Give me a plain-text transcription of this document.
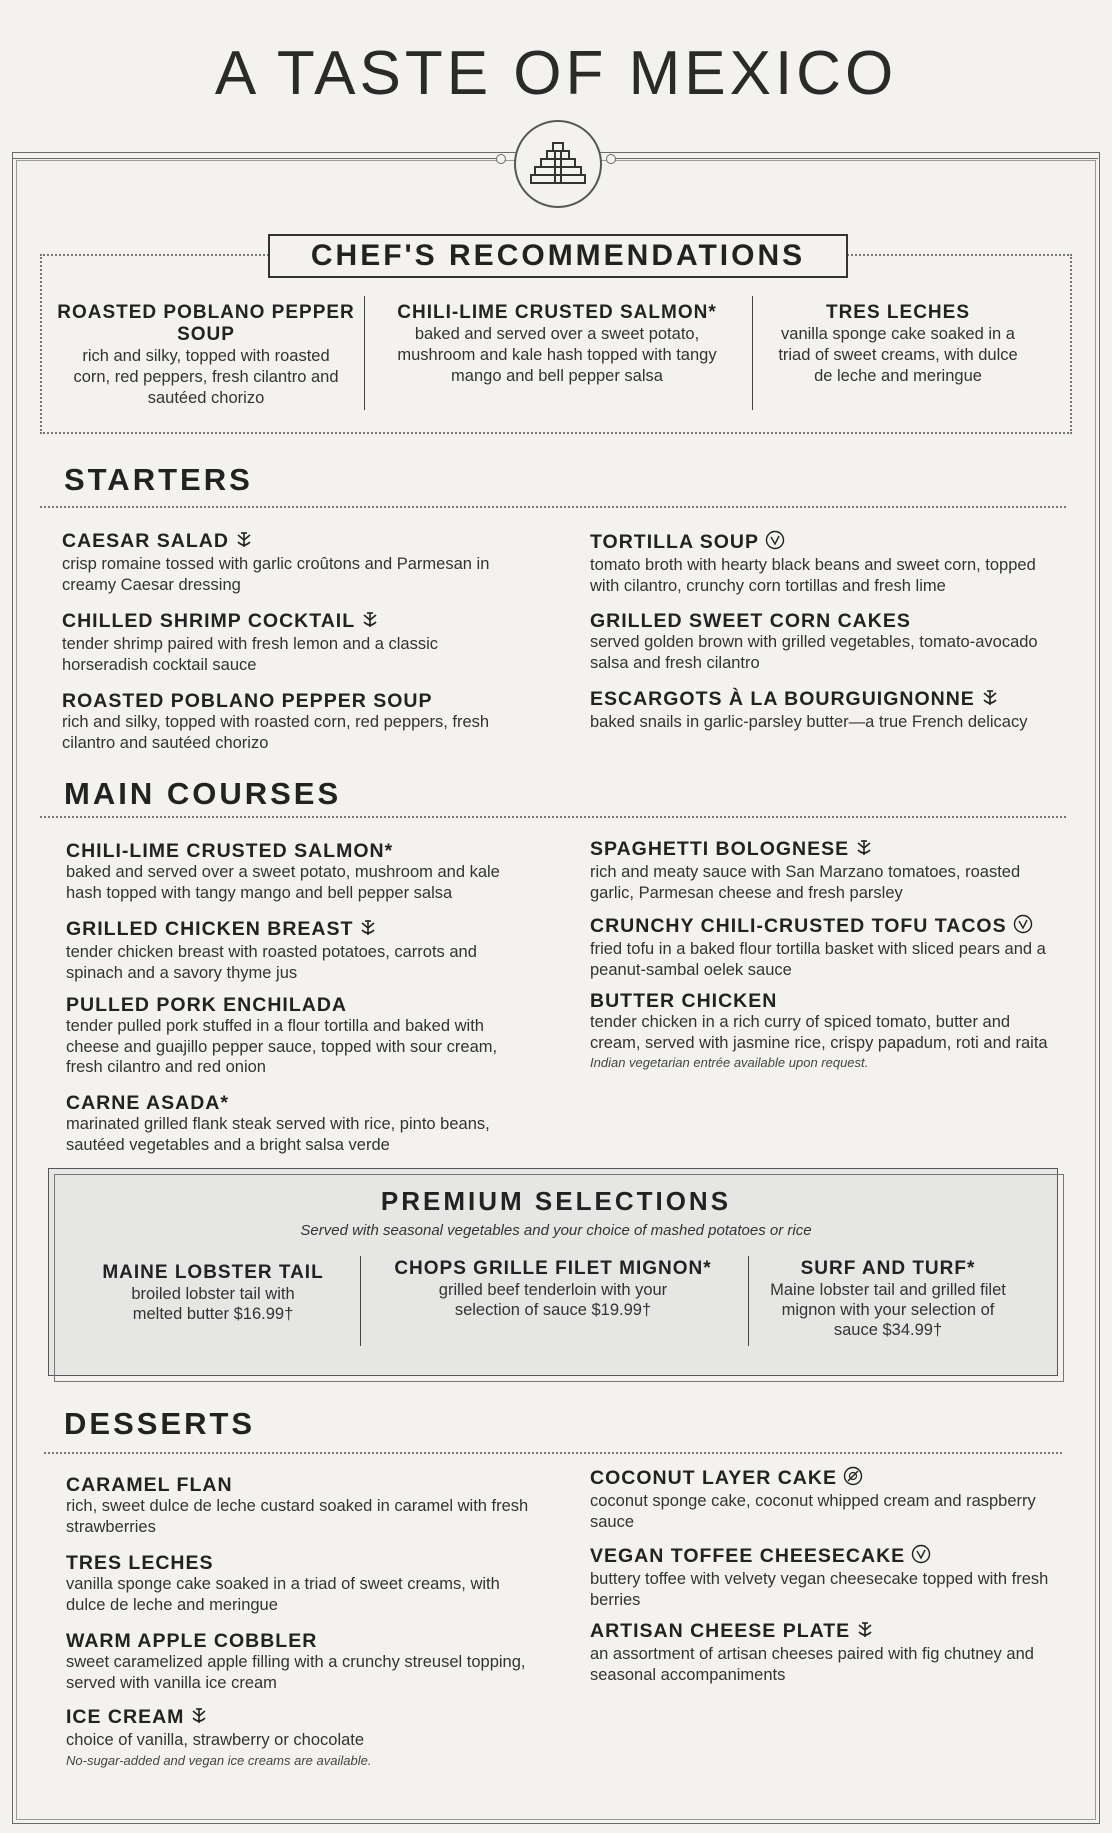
A TASTE OF MEXICO
CHEF'S RECOMMENDATIONS
ROASTED POBLANO PEPPER SOUP
rich and silky, topped with roasted corn, red peppers, fresh cilantro and sautéed chorizo
CHILI-LIME CRUSTED SALMON*
baked and served over a sweet potato, mushroom and kale hash topped with tangy mango and bell pepper salsa
TRES LECHES
vanilla sponge cake soaked in a triad of sweet creams, with dulce de leche and meringue
STARTERS
CAESAR SALAD
crisp romaine tossed with garlic croûtons and Parmesan in creamy Caesar dressing
CHILLED SHRIMP COCKTAIL
tender shrimp paired with fresh lemon and a classic horseradish cocktail sauce
ROASTED POBLANO PEPPER SOUP
rich and silky, topped with roasted corn, red peppers, fresh cilantro and sautéed chorizo
TORTILLA SOUP
tomato broth with hearty black beans and sweet corn, topped with cilantro, crunchy corn tortillas and fresh lime
GRILLED SWEET CORN CAKES
served golden brown with grilled vegetables, tomato-avocado salsa and fresh cilantro
ESCARGOTS À LA BOURGUIGNONNE
baked snails in garlic-parsley butter—a true French delicacy
MAIN COURSES
CHILI-LIME CRUSTED SALMON*
baked and served over a sweet potato, mushroom and kale hash topped with tangy mango and bell pepper salsa
GRILLED CHICKEN BREAST
tender chicken breast with roasted potatoes, carrots and spinach and a savory thyme jus
PULLED PORK ENCHILADA
tender pulled pork stuffed in a flour tortilla and baked with cheese and guajillo pepper sauce, topped with sour cream, fresh cilantro and red onion
CARNE ASADA*
marinated grilled flank steak served with rice, pinto beans, sautéed vegetables and a bright salsa verde
SPAGHETTI BOLOGNESE
rich and meaty sauce with San Marzano tomatoes, roasted garlic, Parmesan cheese and fresh parsley
CRUNCHY CHILI-CRUSTED TOFU TACOS
fried tofu in a baked flour tortilla basket with sliced pears and a peanut-sambal oelek sauce
BUTTER CHICKEN
tender chicken in a rich curry of spiced tomato, butter and cream, served with jasmine rice, crispy papadum, roti and raita
Indian vegetarian entrée available upon request.
PREMIUM SELECTIONS
Served with seasonal vegetables and your choice of mashed potatoes or rice
MAINE LOBSTER TAIL
broiled lobster tail with melted butter $16.99†
CHOPS GRILLE FILET MIGNON*
grilled beef tenderloin with your selection of sauce $19.99†
SURF AND TURF*
Maine lobster tail and grilled filet mignon with your selection of sauce $34.99†
DESSERTS
CARAMEL FLAN
rich, sweet dulce de leche custard soaked in caramel with fresh strawberries
TRES LECHES
vanilla sponge cake soaked in a triad of sweet creams, with dulce de leche and meringue
WARM APPLE COBBLER
sweet caramelized apple filling with a crunchy streusel topping, served with vanilla ice cream
ICE CREAM
choice of vanilla, strawberry or chocolate
No-sugar-added and vegan ice creams are available.
COCONUT LAYER CAKE
coconut sponge cake, coconut whipped cream and raspberry sauce
VEGAN TOFFEE CHEESECAKE
buttery toffee with velvety vegan cheesecake topped with fresh berries
ARTISAN CHEESE PLATE
an assortment of artisan cheeses paired with fig chutney and seasonal accompaniments
